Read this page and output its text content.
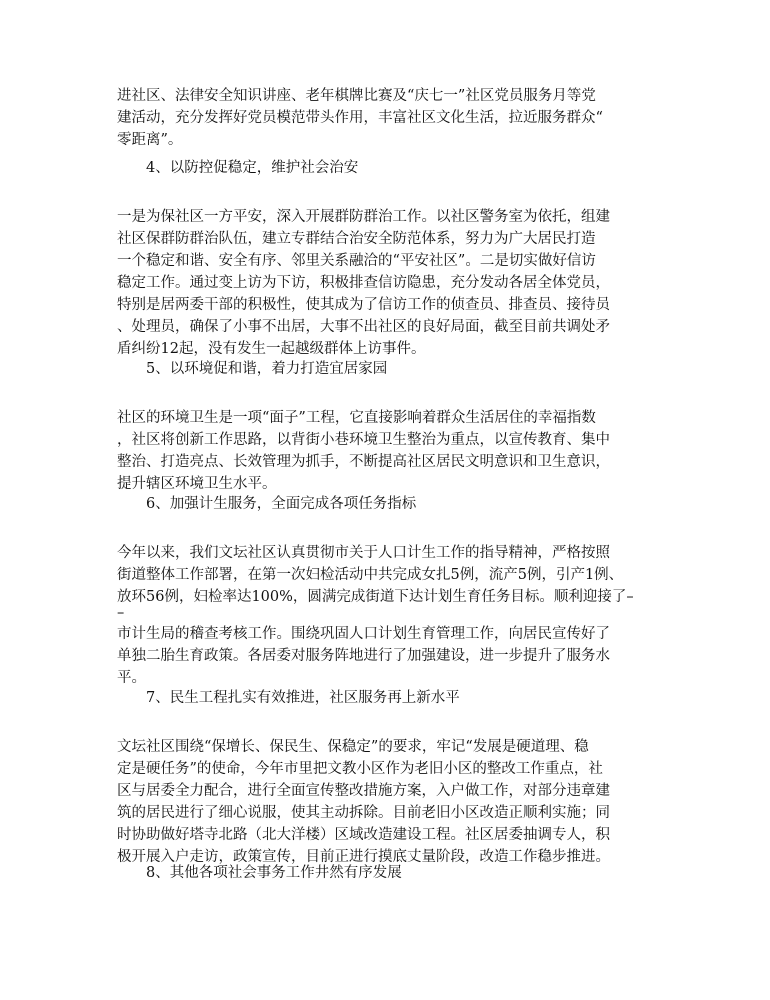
进社区、法律安全知识讲座、老年棋牌比赛及“庆七一”社区党员服务月等党
建活动，充分发挥好党员模范带头作用，丰富社区文化生活，拉近服务群众“
零距离”。
4、以防控促稳定，维护社会治安
一是为保社区一方平安，深入开展群防群治工作。以社区警务室为依托，组建
社区保群防群治队伍，建立专群结合治安全防范体系，努力为广大居民打造
一个稳定和谐、安全有序、邻里关系融洽的“平安社区”。二是切实做好信访
稳定工作。通过变上访为下访，积极排查信访隐患，充分发动各居全体党员，
特别是居两委干部的积极性，使其成为了信访工作的侦查员、排查员、接待员
、处理员，确保了小事不出居，大事不出社区的良好局面，截至目前共调处矛
盾纠纷12起，没有发生一起越级群体上访事件。
5、以环境促和谐，着力打造宜居家园
社区的环境卫生是一项“面子”工程，它直接影响着群众生活居住的幸福指数
，社区将创新工作思路，以背街小巷环境卫生整治为重点，以宣传教育、集中
整治、打造亮点、长效管理为抓手，不断提高社区居民文明意识和卫生意识，
提升辖区环境卫生水平。
6、加强计生服务，全面完成各项任务指标
今年以来，我们文坛社区认真贯彻市关于人口计生工作的指导精神，严格按照
街道整体工作部署，在第一次妇检活动中共完成女扎5例，流产5例，引产1例、
放环56例，妇检率达100%，圆满完成街道下达计划生育任务目标。顺利迎接了–
–
市计生局的稽查考核工作。围绕巩固人口计划生育管理工作，向居民宣传好了
单独二胎生育政策。各居委对服务阵地进行了加强建设，进一步提升了服务水
平。
7、民生工程扎实有效推进，社区服务再上新水平
文坛社区围绕“保增长、保民生、保稳定”的要求，牢记“发展是硬道理、稳
定是硬任务”的使命，今年市里把文教小区作为老旧小区的整改工作重点，社
区与居委全力配合，进行全面宣传整改措施方案，入户做工作，对部分违章建
筑的居民进行了细心说服，使其主动拆除。目前老旧小区改造正顺利实施；同
时协助做好塔寺北路（北大洋楼）区域改造建设工程。社区居委抽调专人，积
极开展入户走访，政策宣传，目前正进行摸底丈量阶段，改造工作稳步推进。
8、其他各项社会事务工作井然有序发展
